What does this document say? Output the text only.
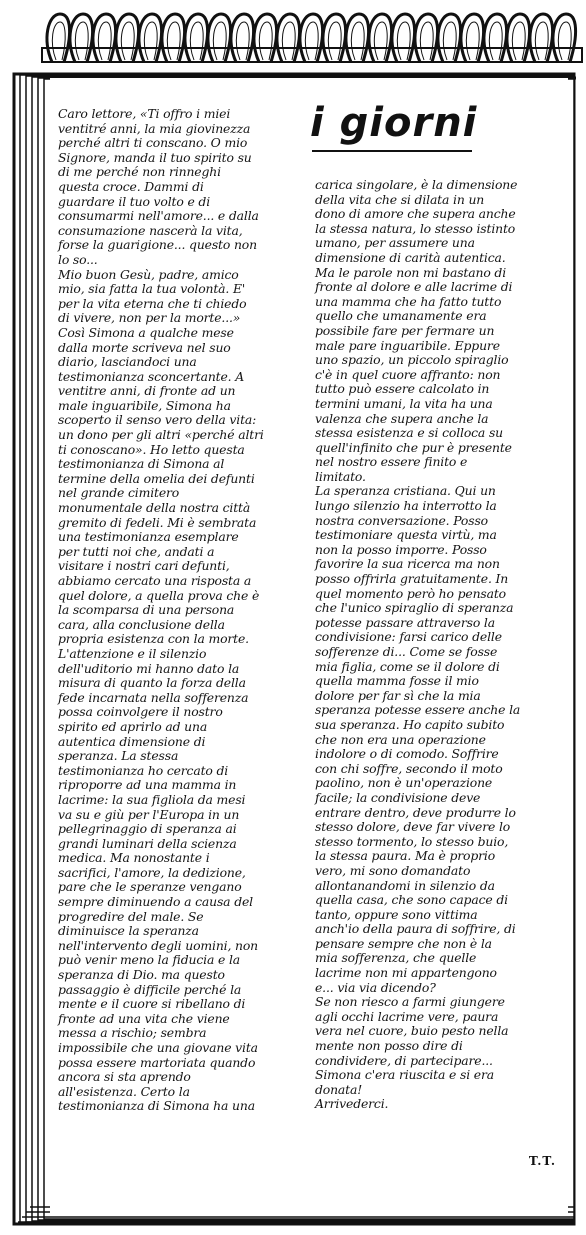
i giorni
Caro lettore, «Ti offro i miei
ventitré anni, la mia giovinezza
perché altri ti conscano. O mio
Signore, manda il tuo spirito su
di me perché non rinneghi
questa croce. Dammi di
guardare il tuo volto e di
consumarmi nell'amore... e dalla
consumazione nascerà la vita,
forse la guarigione... questo non
lo so...
Mio buon Gesù, padre, amico
mio, sia fatta la tua volontà. E'
per la vita eterna che ti chiedo
di vivere, non per la morte...»
Così Simona a qualche mese
dalla morte scriveva nel suo
diario, lasciandoci una
testimonianza sconcertante. A
ventitre anni, di fronte ad un
male inguaribile, Simona ha
scoperto il senso vero della vita:
un dono per gli altri «perché altri
ti conoscano». Ho letto questa
testimonianza di Simona al
termine della omelia dei defunti
nel grande cimitero
monumentale della nostra città
gremito di fedeli. Mi è sembrata
una testimonianza esemplare
per tutti noi che, andati a
visitare i nostri cari defunti,
abbiamo cercato una risposta a
quel dolore, a quella prova che è
la scomparsa di una persona
cara, alla conclusione della
propria esistenza con la morte.
L'attenzione e il silenzio
dell'uditorio mi hanno dato la
misura di quanto la forza della
fede incarnata nella sofferenza
possa coinvolgere il nostro
spirito ed aprirlo ad una
autentica dimensione di
speranza. La stessa
testimonianza ho cercato di
riproporre ad una mamma in
lacrime: la sua figliola da mesi
va su e giù per l'Europa in un
pellegrinaggio di speranza ai
grandi luminari della scienza
medica. Ma nonostante i
sacrifici, l'amore, la dedizione,
pare che le speranze vengano
sempre diminuendo a causa del
progredire del male. Se
diminuisce la speranza
nell'intervento degli uomini, non
può venir meno la fiducia e la
speranza di Dio. ma questo
passaggio è difficile perché la
mente e il cuore si ribellano di
fronte ad una vita che viene
messa a rischio; sembra
impossibile che una giovane vita
possa essere martoriata quando
ancora si sta aprendo
all'esistenza. Certo la
testimonianza di Simona ha una
carica singolare, è la dimensione
della vita che si dilata in un
dono di amore che supera anche
la stessa natura, lo stesso istinto
umano, per assumere una
dimensione di carità autentica.
Ma le parole non mi bastano di
fronte al dolore e alle lacrime di
una mamma che ha fatto tutto
quello che umanamente era
possibile fare per fermare un
male pare inguaribile. Eppure
uno spazio, un piccolo spiraglio
c'è in quel cuore affranto: non
tutto può essere calcolato in
termini umani, la vita ha una
valenza che supera anche la
stessa esistenza e si colloca su
quell'infinito che pur è presente
nel nostro essere finito e
limitato.
La speranza cristiana. Qui un
lungo silenzio ha interrotto la
nostra conversazione. Posso
testimoniare questa virtù, ma
non la posso imporre. Posso
favorire la sua ricerca ma non
posso offrirla gratuitamente. In
quel momento però ho pensato
che l'unico spiraglio di speranza
potesse passare attraverso la
condivisione: farsi carico delle
sofferenze di... Come se fosse
mia figlia, come se il dolore di
quella mamma fosse il mio
dolore per far sì che la mia
speranza potesse essere anche la
sua speranza. Ho capito subito
che non era una operazione
indolore o di comodo. Soffrire
con chi soffre, secondo il moto
paolino, non è un'operazione
facile; la condivisione deve
entrare dentro, deve produrre lo
stesso dolore, deve far vivere lo
stesso tormento, lo stesso buio,
la stessa paura. Ma è proprio
vero, mi sono domandato
allontanandomi in silenzio da
quella casa, che sono capace di
tanto, oppure sono vittima
anch'io della paura di soffrire, di
pensare sempre che non è la
mia sofferenza, che quelle
lacrime non mi appartengono
e... via via dicendo?
Se non riesco a farmi giungere
agli occhi lacrime vere, paura
vera nel cuore, buio pesto nella
mente non posso dire di
condividere, di partecipare...
Simona c'era riuscita e si era
donata!
Arrivederci.
T.T.
